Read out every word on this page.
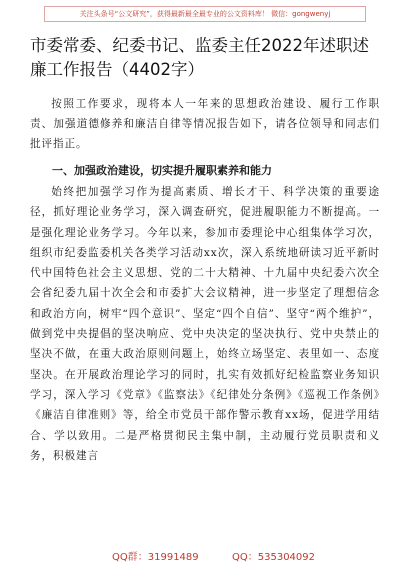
关注头条号“公文研究”，获得最新最全最专业的公文资料库！ 微信：gongwenyj
市委常委、纪委书记、监委主任2022年述职述廉工作报告（4402字）

按照工作要求，现将本人一年来的思想政治建设、履行工作职责、加强道德修养和廉洁自律等情况报告如下，请各位领导和同志们批评指正。

一、加强政治建设，切实提升履职素养和能力
始终把加强学习作为提高素质、增长才干、科学决策的重要途径，抓好理论业务学习，深入调查研究，促进履职能力不断提高。一是强化理论业务学习。今年以来，参加市委理论中心组集体学习次，组织市纪委监委机关各类学习活动xx次，深入系统地研读习近平新时代中国特色社会主义思想、党的二十大精神、十九届中央纪委六次全会省纪委九届十次全会和市委扩大会议精神，进一步坚定了理想信念和政治方向，树牢“四个意识”、坚定“四个自信”、坚守“两个维护”，做到党中央提倡的坚决响应、党中央决定的坚决执行、党中央禁止的坚决不做，在重大政治原则问题上，始终立场坚定、表里如一、态度坚决。在开展政治理论学习的同时，扎实有效抓好纪检监察业务知识学习，深入学习《党章》《监察法》《纪律处分条例》《巡视工作条例》《廉洁自律准则》等，给全市党员干部作警示教育xx场，促进学用结合、学以致用。二是严格贯彻民主集中制，主动履行党员职责和义务，积极建言
QQ群：31991489	QQ：535304092
